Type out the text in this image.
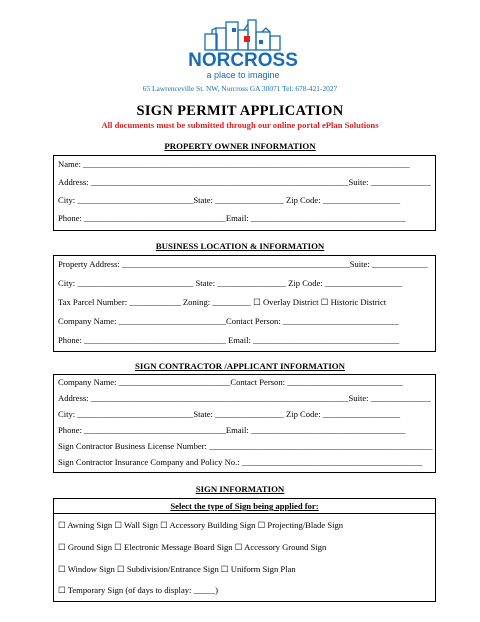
NORCROSS
a place to imagine
65 Lawrenceville St. NW, Norcross GA 30071 Tel: 678-421-2027
SIGN PERMIT APPLICATION
All documents must be submitted through our online portal ePlan Solutions
PROPERTY OWNER INFORMATION
Name: ____________________________________________________________________________
Address: ____________________________________________________________Suite: ______________
City: ___________________________State: ________________ Zip Code: __________________
Phone: _________________________________Email: ____________________________________
BUSINESS LOCATION & INFORMATION
Property Address: _____________________________________________________Suite: _____________
City: ___________________________ State: ________________ Zip Code: __________________
Tax Parcel Number: ____________ Zoning: _________ ☐ Overlay District ☐ Historic District
Company Name: _________________________Contact Person: ___________________________
Phone: _________________________________ Email: __________________________________
SIGN CONTRACTOR /APPLICANT INFORMATION
Company Name: __________________________Contact Person: ___________________________
Address: ____________________________________________________________Suite: ______________
City: ___________________________State: ________________ Zip Code: __________________
Phone: _________________________________Email: ____________________________________
Sign Contractor Business License Number: ____________________________________________________
Sign Contractor Insurance Company and Policy No.: __________________________________________
SIGN INFORMATION
Select the type of Sign being applied for:
☐ Awning Sign ☐ Wall Sign ☐ Accessory Building Sign ☐ Projecting/Blade Sign
☐ Ground Sign ☐ Electronic Message Board Sign ☐ Accessory Ground Sign
☐ Window Sign ☐ Subdivision/Entrance Sign ☐ Uniform Sign Plan
☐ Temporary Sign (of days to display: _____)
